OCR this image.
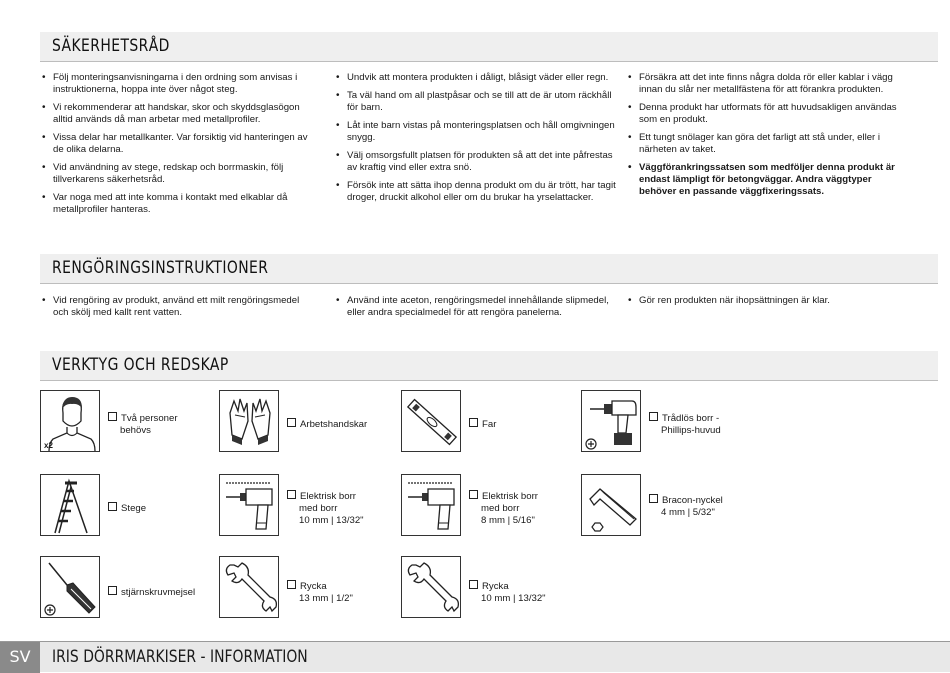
SÄKERHETSRÅD
• Följ monteringsanvisningarna i den ordning som anvisas i instruktionerna, hoppa inte över något steg.
• Vi rekommenderar att handskar, skor och skyddsglasögon alltid används då man arbetar med metallprofiler.
• Vissa delar har metallkanter. Var forsiktig vid hanteringen av de olika delarna.
• Vid användning av stege, redskap och borrmaskin, följ tillverkarens säkerhetsråd.
• Var noga med att inte komma i kontakt med elkablar då metallprofiler hanteras.
• Undvik att montera produkten i dåligt, blåsigt väder eller regn.
• Ta väl hand om all plastpåsar och se till att de är utom räckhåll för barn.
• Låt inte barn vistas på monteringsplatsen och håll omgivningen snygg.
• Välj omsorgsfullt platsen för produkten så att det inte påfrestas av kraftig vind eller extra snö.
• Försök inte att sätta ihop denna produkt om du är trött, har tagit droger, druckit alkohol eller om du brukar ha yrselattacker.
• Försäkra att det inte finns några dolda rör eller kablar i vägg innan du slår ner metallfästena för att förankra produkten.
• Denna produkt har utformats för att huvudsakligen användas som en produkt.
• Ett tungt snölager kan göra det farligt att stå under, eller i närheten av taket.
• Väggförankringssatsen som medföljer denna produkt är endast lämpligt för betongväggar. Andra väggtyper behöver en passande väggfixeringssats.
RENGÖRINGSINSTRUKTIONER
• Vid rengöring av produkt, använd ett milt rengöringsmedel och skölj med kallt rent vatten.
• Använd inte aceton, rengöringsmedel innehållande slipmedel, eller andra specialmedel för att rengöra panelerna.
• Gör ren produkten när ihopsättningen är klar.
VERKTYG OCH REDSKAP
x2
Två personer
behövs
Arbetshandskar	Far
Trådlös borr -
Phillips-huvud
Stege
Elektrisk borr
med borr
10 mm | 13/32"
Elektrisk borr
med borr
8 mm | 5/16"
Bracon-nyckel
4 mm | 5/32"
stjärnskruvmejsel
Rycka
13 mm | 1/2"
Rycka
10 mm | 13/32"
SV	IRIS DÖRRMARKISER - INFORMATION
